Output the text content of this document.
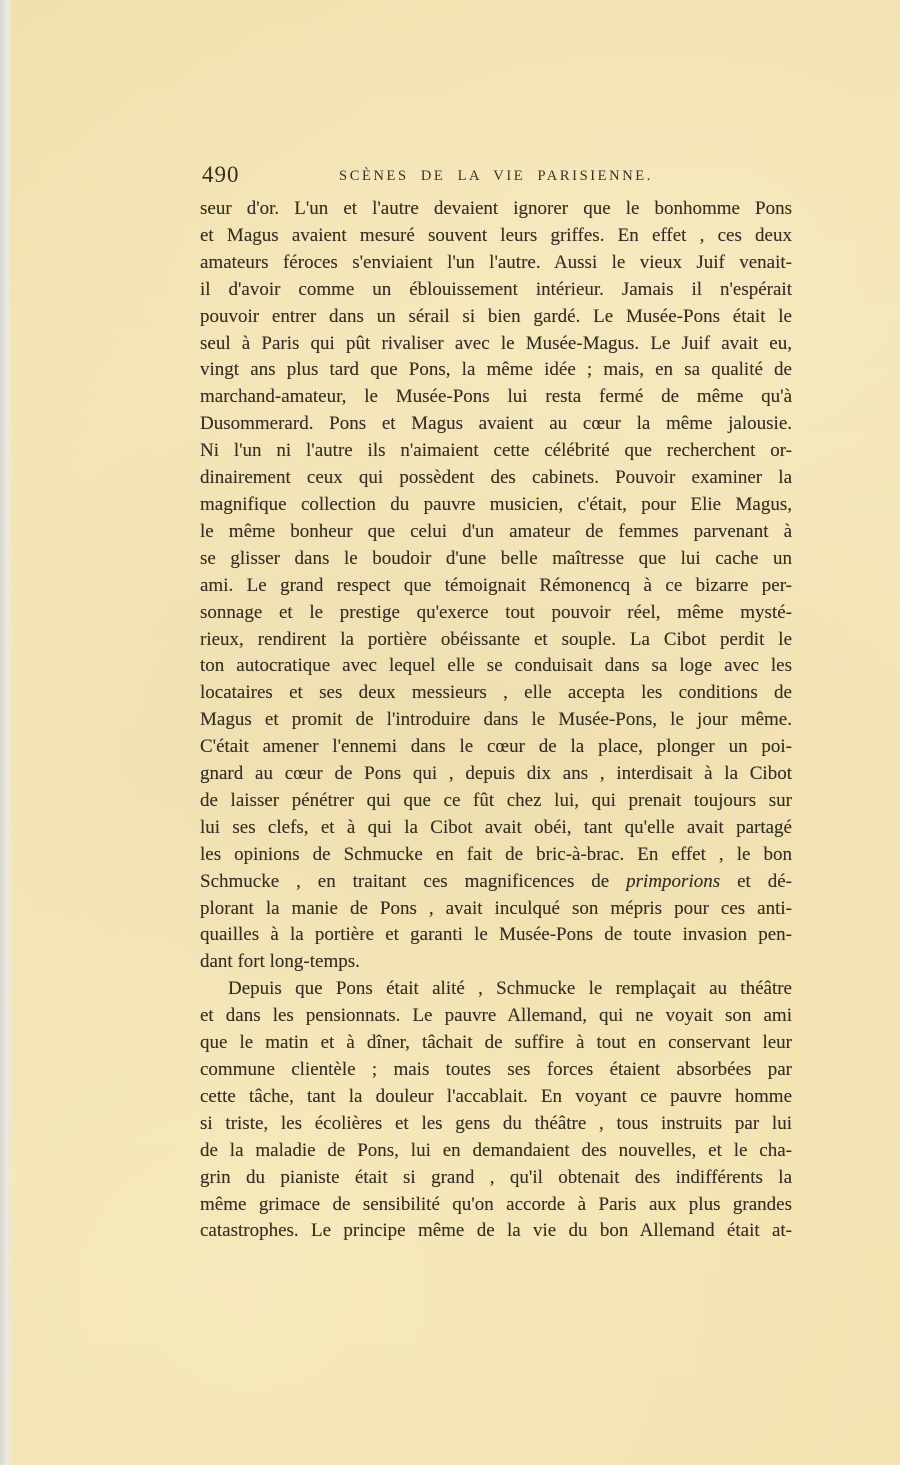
490	SCÈNES DE LA VIE PARISIENNE.
seur d'or. L'un et l'autre devaient ignorer que le bonhomme Pons
et Magus avaient mesuré souvent leurs griffes. En effet , ces deux
amateurs féroces s'enviaient l'un l'autre. Aussi le vieux Juif venait-
il d'avoir comme un éblouissement intérieur. Jamais il n'espérait
pouvoir entrer dans un sérail si bien gardé. Le Musée-Pons était le
seul à Paris qui pût rivaliser avec le Musée-Magus. Le Juif avait eu,
vingt ans plus tard que Pons, la même idée ; mais, en sa qualité de
marchand-amateur, le Musée-Pons lui resta fermé de même qu'à
Dusommerard. Pons et Magus avaient au cœur la même jalousie.
Ni l'un ni l'autre ils n'aimaient cette célébrité que recherchent or-
dinairement ceux qui possèdent des cabinets. Pouvoir examiner la
magnifique collection du pauvre musicien, c'était, pour Elie Magus,
le même bonheur que celui d'un amateur de femmes parvenant à
se glisser dans le boudoir d'une belle maîtresse que lui cache un
ami. Le grand respect que témoignait Rémonencq à ce bizarre per-
sonnage et le prestige qu'exerce tout pouvoir réel, même mysté-
rieux, rendirent la portière obéissante et souple. La Cibot perdit le
ton autocratique avec lequel elle se conduisait dans sa loge avec les
locataires et ses deux messieurs , elle accepta les conditions de
Magus et promit de l'introduire dans le Musée-Pons, le jour même.
C'était amener l'ennemi dans le cœur de la place, plonger un poi-
gnard au cœur de Pons qui , depuis dix ans , interdisait à la Cibot
de laisser pénétrer qui que ce fût chez lui, qui prenait toujours sur
lui ses clefs, et à qui la Cibot avait obéi, tant qu'elle avait partagé
les opinions de Schmucke en fait de bric-à-brac. En effet , le bon
Schmucke , en traitant ces magnificences de primporions et dé-
plorant la manie de Pons , avait inculqué son mépris pour ces anti-
quailles à la portière et garanti le Musée-Pons de toute invasion pen-
dant fort long-temps.
Depuis que Pons était alité , Schmucke le remplaçait au théâtre
et dans les pensionnats. Le pauvre Allemand, qui ne voyait son ami
que le matin et à dîner, tâchait de suffire à tout en conservant leur
commune clientèle ; mais toutes ses forces étaient absorbées par
cette tâche, tant la douleur l'accablait. En voyant ce pauvre homme
si triste, les écolières et les gens du théâtre , tous instruits par lui
de la maladie de Pons, lui en demandaient des nouvelles, et le cha-
grin du pianiste était si grand , qu'il obtenait des indifférents la
même grimace de sensibilité qu'on accorde à Paris aux plus grandes
catastrophes. Le principe même de la vie du bon Allemand était at-
